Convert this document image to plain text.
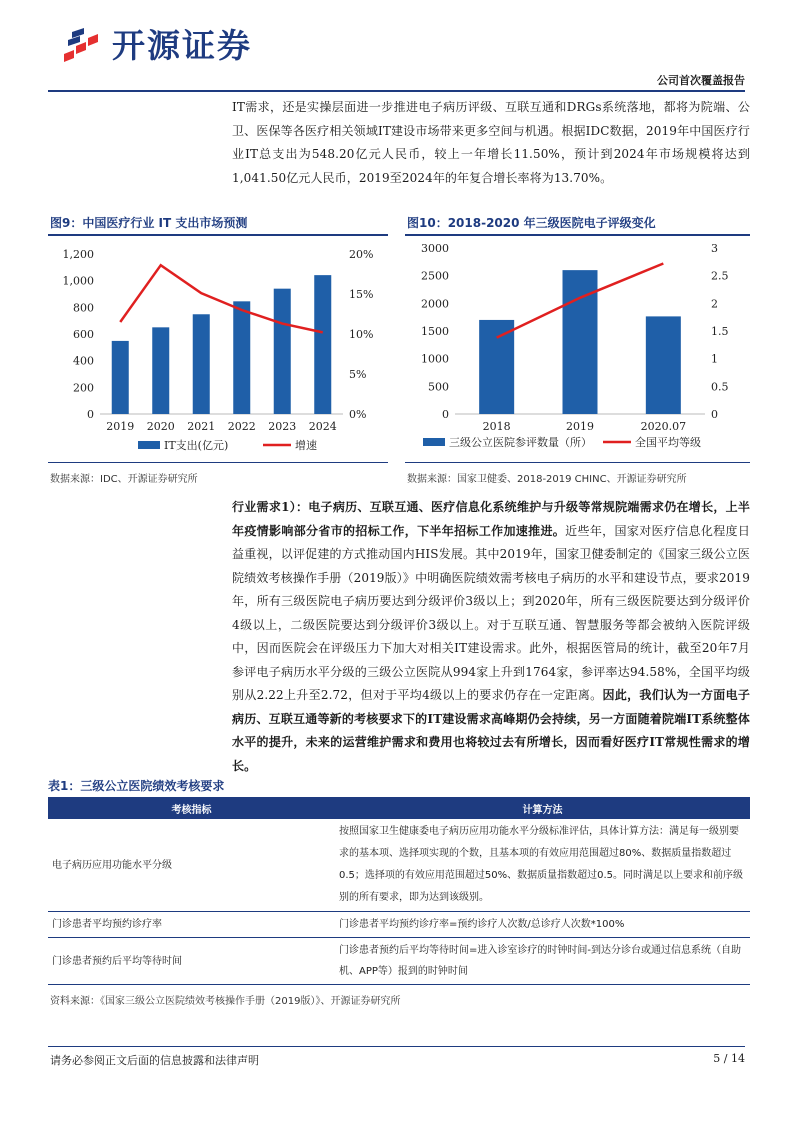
开源证券
公司首次覆盖报告
IT需求，还是实操层面进一步推进电子病历评级、互联互通和DRGs系统落地，都将为院端、公卫、医保等各医疗相关领域IT建设市场带来更多空间与机遇。根据IDC数据，2019年中国医疗行业IT总支出为548.20亿元人民币，较上一年增长11.50%，预计到2024年市场规模将达到1,041.50亿元人民币，2019至2024年的年复合增长率将为13.70%。
图9：中国医疗行业 IT 支出市场预测
0
200
400
600
800
1,000
1,200
0%
5%
10%
15%
20%
2019 2020 2021 2022 2023 2024
IT支出(亿元)	增速
数据来源：IDC、开源证券研究所
图10：2018-2020 年三级医院电子评级变化
0
500
1000
1500
2000
2500
3000
0
0.5
1
1.5
2
2.5
3
2018	2019	2020.07
三级公立医院参评数量（所）	全国平均等级
数据来源：国家卫健委、2018-2019 CHINC、开源证券研究所
行业需求1）：电子病历、互联互通、医疗信息化系统维护与升级等常规院端需求仍在增长，上半年疫情影响部分省市的招标工作，下半年招标工作加速推进。近些年，国家对医疗信息化程度日益重视，以评促建的方式推动国内HIS发展。其中2019年，国家卫健委制定的《国家三级公立医院绩效考核操作手册（2019版）》中明确医院绩效需考核电子病历的水平和建设节点，要求2019年，所有三级医院电子病历要达到分级评价3级以上；到2020年，所有三级医院要达到分级评价4级以上，二级医院要达到分级评价3级以上。对于互联互通、智慧服务等都会被纳入医院评级中，因而医院会在评级压力下加大对相关IT建设需求。此外，根据医管局的统计，截至20年7月参评电子病历水平分级的三级公立医院从994家上升到1764家，参评率达94.58%，全国平均级别从2.22上升至2.72，但对于平均4级以上的要求仍存在一定距离。因此，我们认为一方面电子病历、互联互通等新的考核要求下的IT建设需求高峰期仍会持续，另一方面随着院端IT系统整体水平的提升，未来的运营维护需求和费用也将较过去有所增长，因而看好医疗IT常规性需求的增长。
表1：三级公立医院绩效考核要求
考核指标	计算方法
电子病历应用功能水平分级	按照国家卫生健康委电子病历应用功能水平分级标准评估，具体计算方法：满足每一级别要求的基本项、选择项实现的个数，且基本项的有效应用范围超过80%、数据质量指数超过0.5；选择项的有效应用范围超过50%、数据质量指数超过0.5。同时满足以上要求和前序级别的所有要求，即为达到该级别。
门诊患者平均预约诊疗率	门诊患者平均预约诊疗率=预约诊疗人次数/总诊疗人次数*100%
门诊患者预约后平均等待时间	门诊患者预约后平均等待时间=进入诊室诊疗的时钟时间-到达分诊台或通过信息系统（自助机、APP等）报到的时钟时间
资料来源：《国家三级公立医院绩效考核操作手册（2019版）》、开源证券研究所
请务必参阅正文后面的信息披露和法律声明	5 / 14
